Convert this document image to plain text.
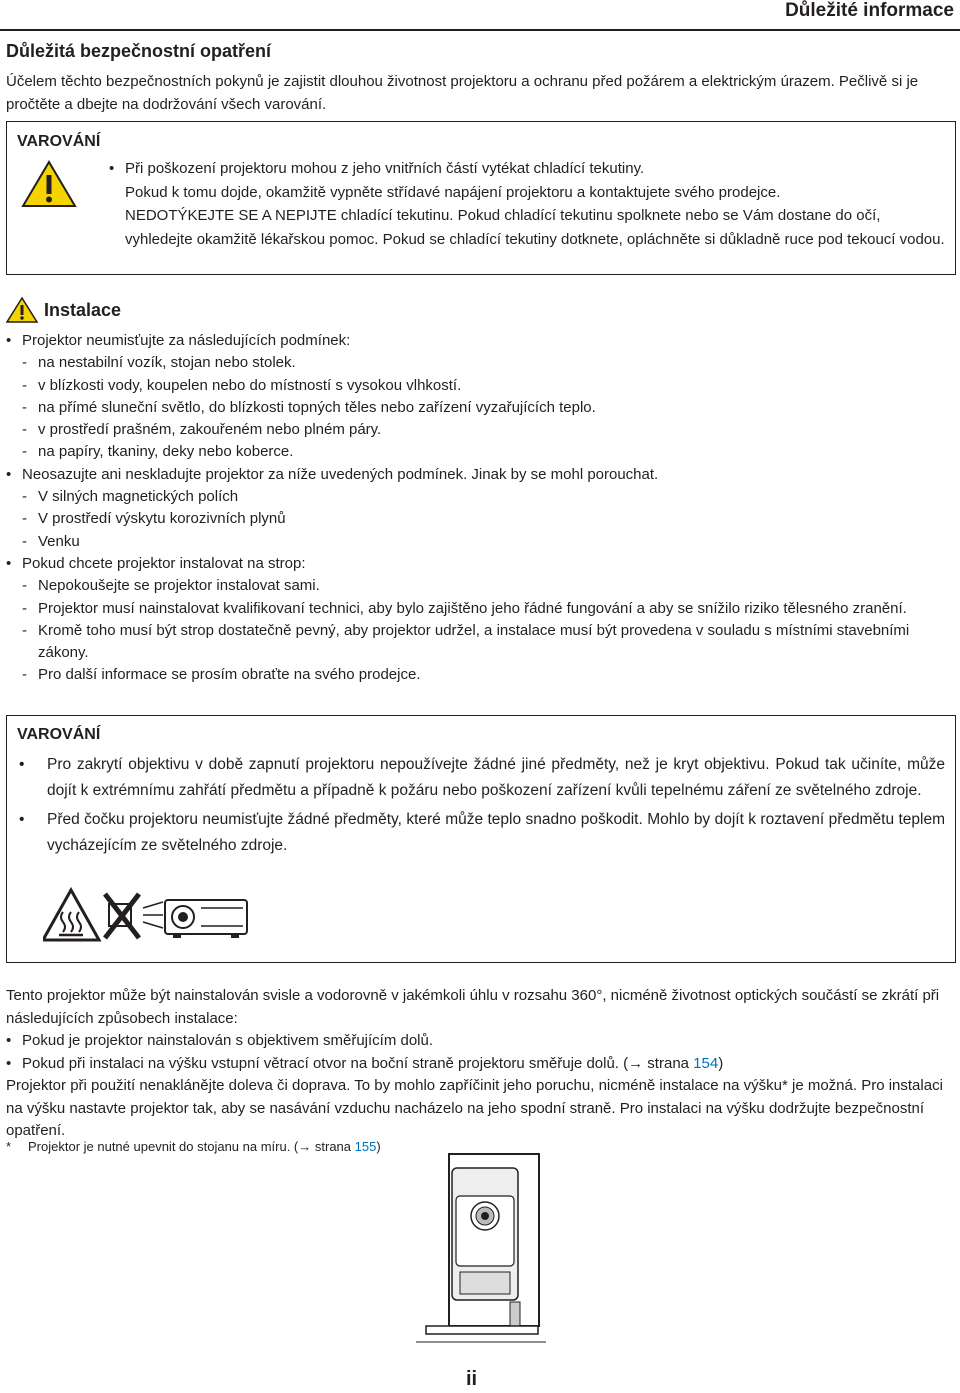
Důležité informace
Důležitá bezpečnostní opatření
Účelem těchto bezpečnostních pokynů je zajistit dlouhou životnost projektoru a ochranu před požárem a elektrickým úrazem. Pečlivě si je pročtěte a dbejte na dodržování všech varování.
VAROVÁNÍ
• Při poškození projektoru mohou z jeho vnitřních částí vytékat chladící tekutiny.
Pokud k tomu dojde, okamžitě vypněte střídavé napájení projektoru a kontaktujete svého prodejce.
NEDOTÝKEJTE SE A NEPIJTE chladící tekutinu. Pokud chladící tekutinu spolknete nebo se Vám dostane do očí, vyhledejte okamžitě lékařskou pomoc. Pokud se chladící tekutiny dotknete, opláchněte si důkladně ruce pod tekoucí vodou.
Instalace
• Projektor neumisťujte za následujících podmínek:
- na nestabilní vozík, stojan nebo stolek.
- v blízkosti vody, koupelen nebo do místností s vysokou vlhkostí.
- na přímé sluneční světlo, do blízkosti topných těles nebo zařízení vyzařujících teplo.
- v prostředí prašném, zakouřeném nebo plném páry.
- na papíry, tkaniny, deky nebo koberce.
• Neosazujte ani neskladujte projektor za níže uvedených podmínek. Jinak by se mohl porouchat.
- V silných magnetických polích
- V prostředí výskytu korozivních plynů
- Venku
• Pokud chcete projektor instalovat na strop:
- Nepokoušejte se projektor instalovat sami.
- Projektor musí nainstalovat kvalifikovaní technici, aby bylo zajištěno jeho řádné fungování a aby se snížilo riziko tělesného zranění.
- Kromě toho musí být strop dostatečně pevný, aby projektor udržel, a instalace musí být provedena v souladu s místními stavebními zákony.
- Pro další informace se prosím obraťte na svého prodejce.
VAROVÁNÍ
• Pro zakrytí objektivu v době zapnutí projektoru nepoužívejte žádné jiné předměty, než je kryt objektivu. Pokud tak učiníte, může dojít k extrémnímu zahřátí předmětu a případně k požáru nebo poškození zařízení kvůli tepelnému záření ze světelného zdroje.
• Před čočku projektoru neumisťujte žádné předměty, které může teplo snadno poškodit. Mohlo by dojít k roztavení předmětu teplem vycházejícím ze světelného zdroje.
Tento projektor může být nainstalován svisle a vodorovně v jakémkoli úhlu v rozsahu 360°, nicméně životnost optických součástí se zkrátí při následujících způsobech instalace:
• Pokud je projektor nainstalován s objektivem směřujícím dolů.
• Pokud při instalaci na výšku vstupní větrací otvor na boční straně projektoru směřuje dolů. (→ strana 154)
Projektor při použití nenaklánějte doleva či doprava. To by mohlo zapříčinit jeho poruchu, nicméně instalace na výšku* je možná. Pro instalaci na výšku nastavte projektor tak, aby se nasávání vzduchu nacházelo na jeho spodní straně. Pro instalaci na výšku dodržujte bezpečnostní opatření.
* Projektor je nutné upevnit do stojanu na míru. (→ strana 155)
ii
